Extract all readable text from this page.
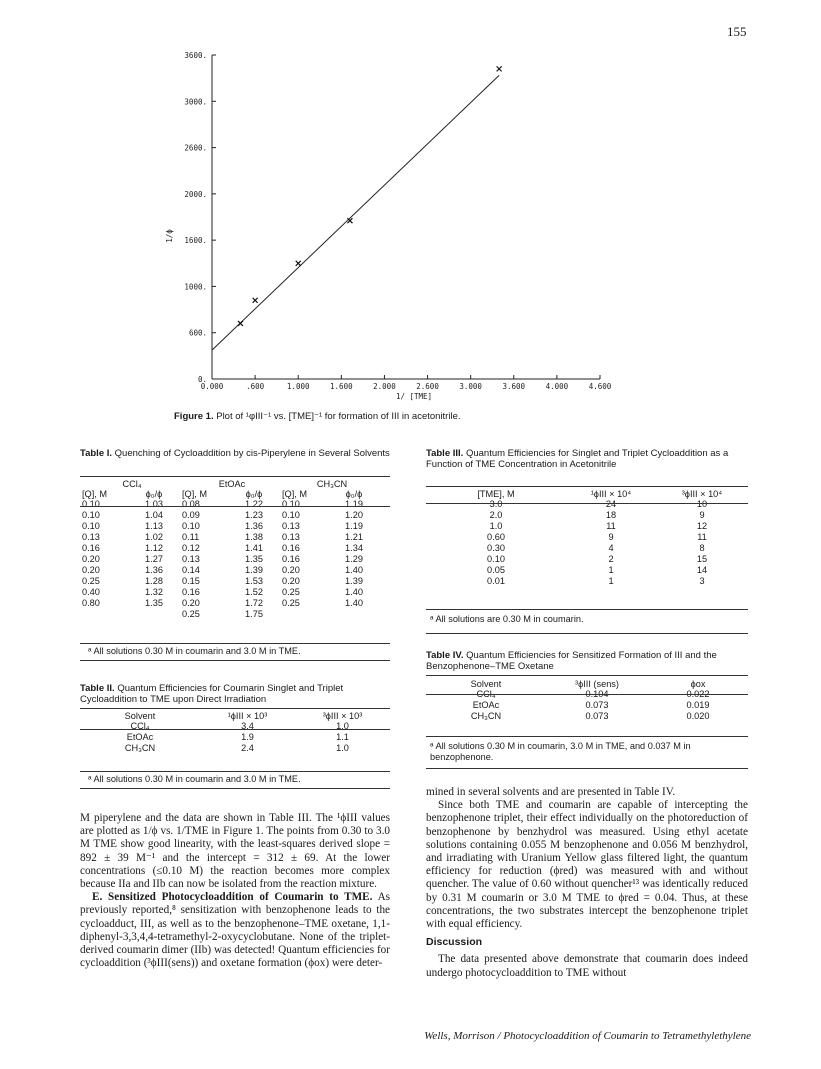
155
0.
600.
1000.
1600.
2000.
2600.
3000.
3600.
0.000	.600	1.000	1.600	2.000	2.600	3.000	3.600	4.000	4.600
1/ϕ
1/ [TME]
Figure 1. Plot of ¹φIII⁻¹ vs. [TME]⁻¹ for formation of III in acetonitrile.
Table I. Quenching of Cycloaddition by cis-Piperylene in Several Solvents
CCl₄		EtOAc		CH₃CN	
[Q], M	ϕ₀/ϕ	[Q], M	ϕ₀/ϕ	[Q], M	ϕ₀/ϕ
0.10	1.03	0.08	1.22	0.10	1.19
0.10	1.04	0.09	1.23	0.10	1.20
0.10	1.13	0.10	1.36	0.13	1.19
0.13	1.02	0.11	1.38	0.13	1.21
0.16	1.12	0.12	1.41	0.16	1.34
0.20	1.27	0.13	1.35	0.16	1.29
0.20	1.36	0.14	1.39	0.20	1.40
0.25	1.28	0.15	1.53	0.20	1.39
0.40	1.32	0.16	1.52	0.25	1.40
0.80	1.35	0.20	1.72	0.25	1.40
		0.25	1.75		
ᵃ All solutions 0.30 M in coumarin and 3.0 M in TME.
Table II. Quantum Efficiencies for Coumarin Singlet and Triplet Cycloaddition to TME upon Direct Irradiation
Solvent	¹ϕIII × 10³	³ϕIII × 10³
CCl₄	3.4	1.0
EtOAc	1.9	1.1
CH₃CN	2.4	1.0
ᵃ All solutions 0.30 M in coumarin and 3.0 M in TME.
Table III. Quantum Efficiencies for Singlet and Triplet Cycloaddition as a Function of TME Concentration in Acetonitrile
[TME], M	¹ϕIII × 10⁴	³ϕIII × 10⁴
3.0	24	10
2.0	18	9
1.0	11	12
0.60	9	11
0.30	4	8
0.10	2	15
0.05	1	14
0.01	1	3
ᵃ All solutions are 0.30 M in coumarin.
Table IV. Quantum Efficiencies for Sensitized Formation of III and the Benzophenone–TME Oxetane
Solvent	³ϕIII (sens)	ϕox
CCl₄	0.104	0.022
EtOAc	0.073	0.019
CH₃CN	0.073	0.020
ᵃ All solutions 0.30 M in coumarin, 3.0 M in TME, and 0.037 M in benzophenone.

M piperylene and the data are shown in Table III. The ¹ϕIII values are plotted as 1/ϕ vs. 1/TME in Figure 1. The points from 0.30 to 3.0 M TME show good linearity, with the least-squares derived slope = 892 ± 39 M⁻¹ and the intercept = 312 ± 69. At the lower concentrations (≤0.10 M) the reaction becomes more complex because IIa and IIb can now be isolated from the reaction mixture.

E. Sensitized Photocycloaddition of Coumarin to TME. As previously reported,⁸ sensitization with benzophenone leads to the cycloadduct, III, as well as to the benzophenone–TME oxetane, 1,1-diphenyl-3,3,4,4-tetramethyl-2-oxycyclobutane. None of the triplet-derived coumarin dimer (IIb) was detected! Quantum efficiencies for cycloaddition (³ϕIII(sens)) and oxetane formation (ϕox) were deter-

mined in several solvents and are presented in Table IV.

Since both TME and coumarin are capable of intercepting the benzophenone triplet, their effect individually on the photoreduction of benzophenone by benzhydrol was measured. Using ethyl acetate solutions containing 0.055 M benzophenone and 0.056 M benzhydrol, and irradiating with Uranium Yellow glass filtered light, the quantum efficiency for reduction (ϕred) was measured with and without quencher. The value of 0.60 without quencher¹³ was identically reduced by 0.31 M coumarin or 3.0 M TME to ϕred = 0.04. Thus, at these concentrations, the two substrates intercept the benzophenone triplet with equal efficiency.

Discussion

The data presented above demonstrate that coumarin does indeed undergo photocycloaddition to TME without

Wells, Morrison / Photocycloaddition of Coumarin to Tetramethylethylene
